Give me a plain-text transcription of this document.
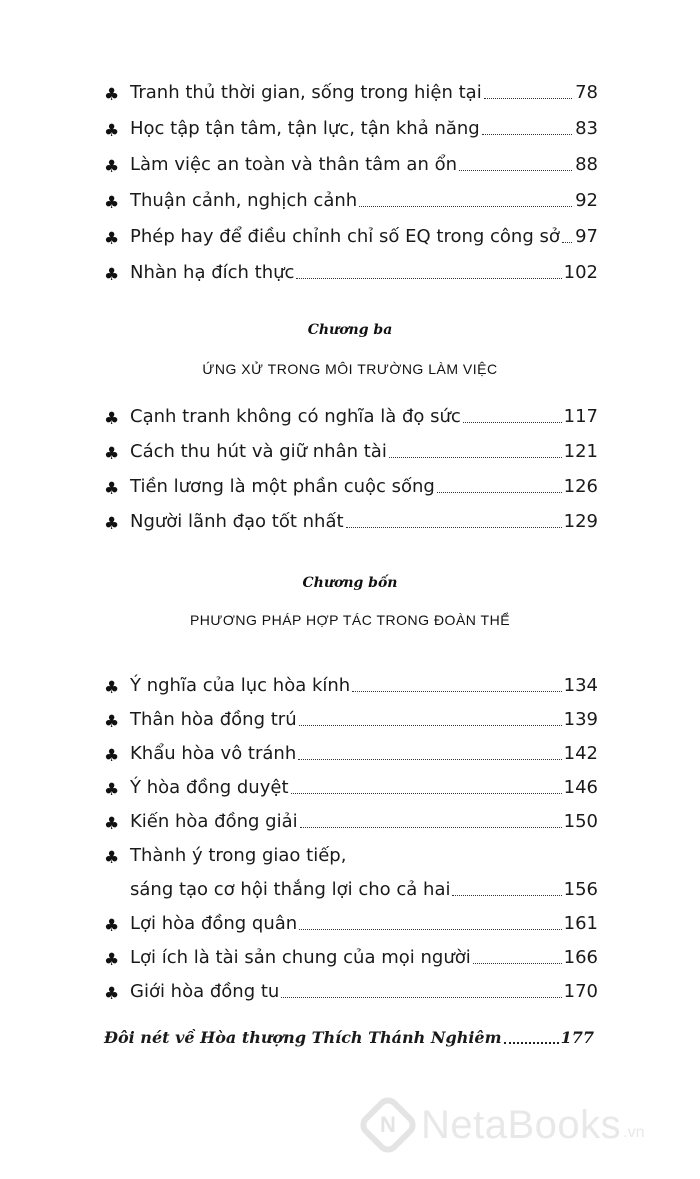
♣ Tranh thủ thời gian, sống trong hiện tại	78
♣ Học tập tận tâm, tận lực, tận khả năng	83
♣ Làm việc an toàn và thân tâm an ổn	88
♣ Thuận cảnh, nghịch cảnh	92
♣ Phép hay để điều chỉnh chỉ số EQ trong công sở 97
♣ Nhàn hạ đích thực	102
Chương ba
ỨNG XỬ TRONG MÔI TRƯỜNG LÀM VIỆC
♣ Cạnh tranh không có nghĩa là đọ sức	117
♣ Cách thu hút và giữ nhân tài	121
♣ Tiền lương là một phần cuộc sống	126
♣ Người lãnh đạo tốt nhất	129
Chương bốn
PHƯƠNG PHÁP HỢP TÁC TRONG ĐOÀN THỂ
♣ Ý nghĩa của lục hòa kính	134
♣ Thân hòa đồng trú	139
♣ Khẩu hòa vô tránh	142
♣ Ý hòa đồng duyệt	146
♣ Kiến hòa đồng giải	150
♣ Thành ý trong giao tiếp,
sáng tạo cơ hội thắng lợi cho cả hai	156
♣ Lợi hòa đồng quân	161
♣ Lợi ích là tài sản chung của mọi người	166
♣ Giới hòa đồng tu	170
Đôi nét về Hòa thượng Thích Thánh Nghiêm	177
N NetaBooks .vn
